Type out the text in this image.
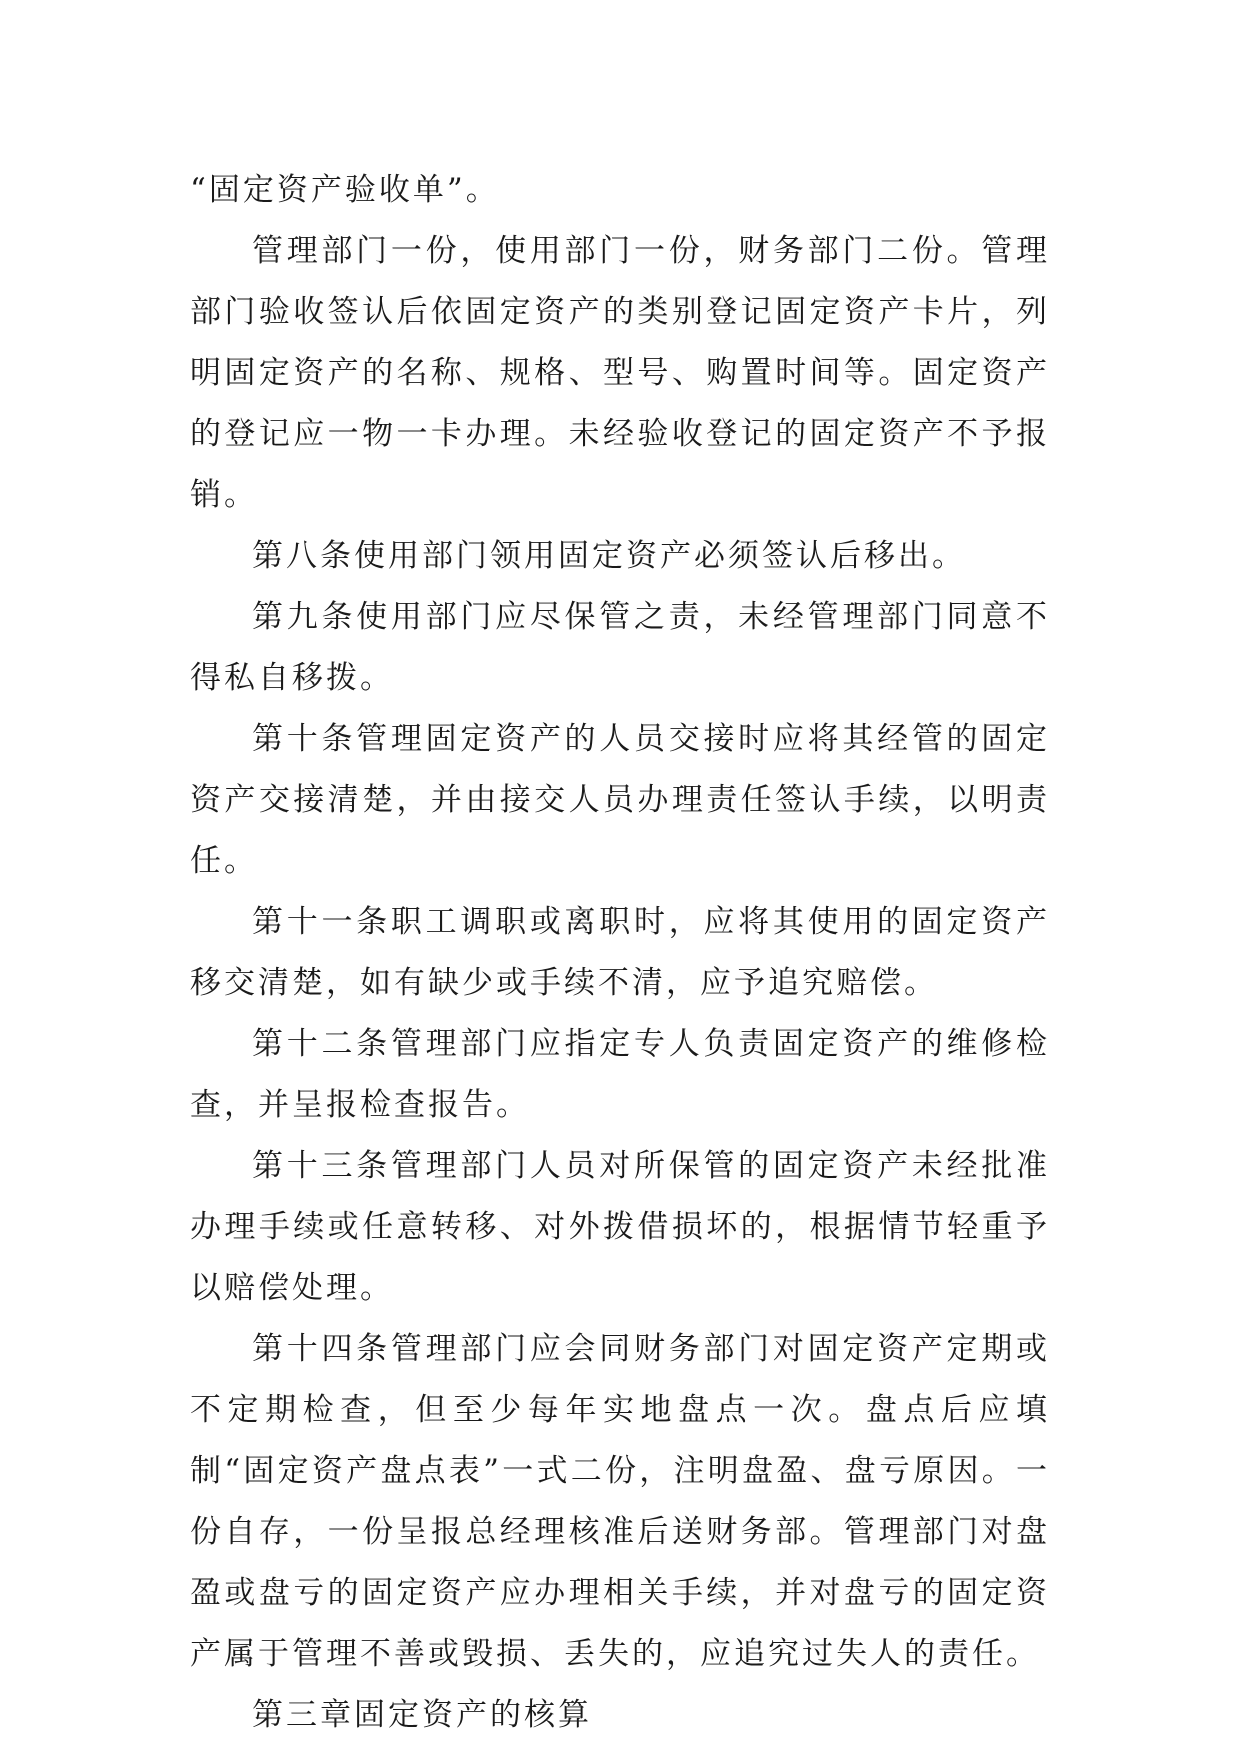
“固定资产验收单”。

管理部门一份，使用部门一份，财务部门二份。管理部门验收签认后依固定资产的类别登记固定资产卡片，列明固定资产的名称、规格、型号、购置时间等。固定资产的登记应一物一卡办理。未经验收登记的固定资产不予报销。

第八条使用部门领用固定资产必须签认后移出。

第九条使用部门应尽保管之责，未经管理部门同意不得私自移拨。

第十条管理固定资产的人员交接时应将其经管的固定资产交接清楚，并由接交人员办理责任签认手续，以明责任。

第十一条职工调职或离职时，应将其使用的固定资产移交清楚，如有缺少或手续不清，应予追究赔偿。

第十二条管理部门应指定专人负责固定资产的维修检查，并呈报检查报告。

第十三条管理部门人员对所保管的固定资产未经批准办理手续或任意转移、对外拨借损坏的，根据情节轻重予以赔偿处理。

第十四条管理部门应会同财务部门对固定资产定期或不定期检查，但至少每年实地盘点一次。盘点后应填制“固定资产盘点表”一式二份，注明盘盈、盘亏原因。一份自存，一份呈报总经理核准后送财务部。管理部门对盘盈或盘亏的固定资产应办理相关手续，并对盘亏的固定资产属于管理不善或毁损、丢失的，应追究过失人的责任。

第三章固定资产的核算
